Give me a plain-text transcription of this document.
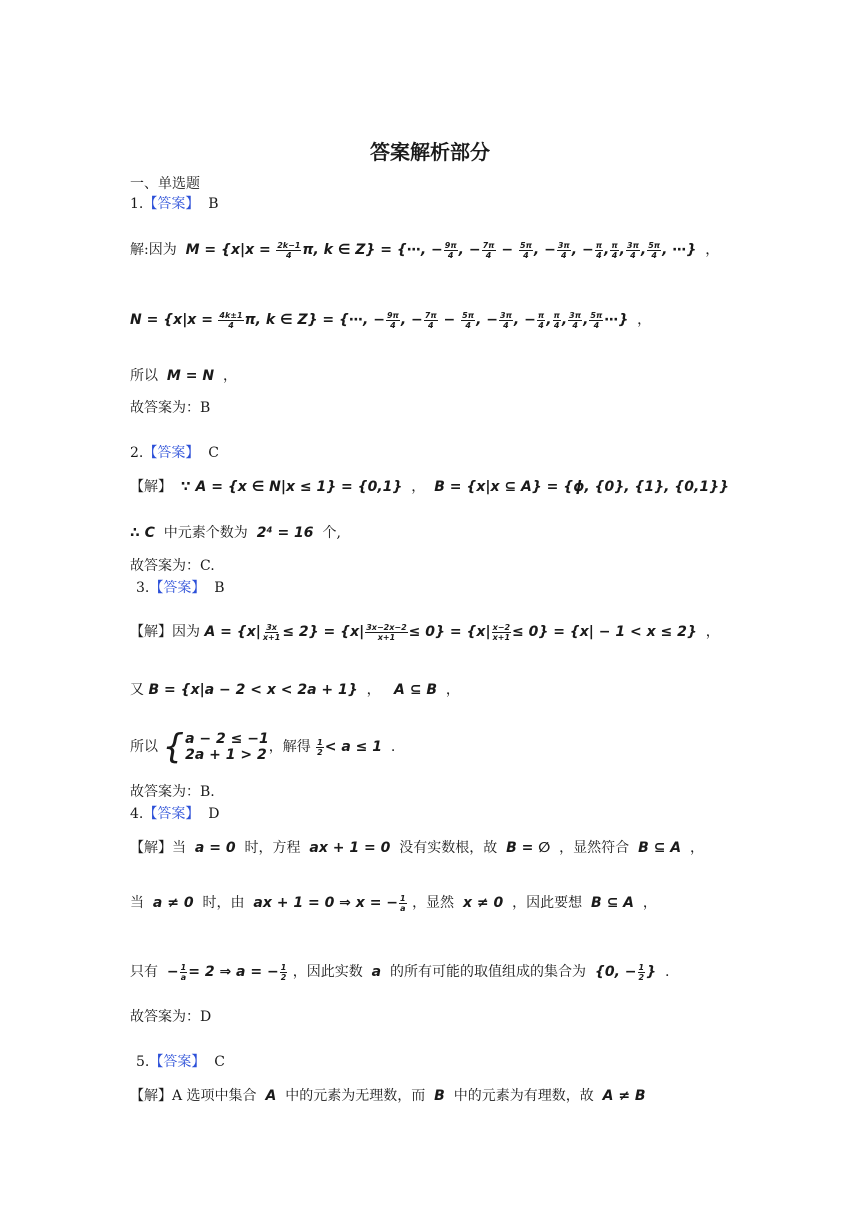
答案解析部分
一、单选题
1.【答案】 B
解:因为 $M = \{x|x = \frac{2k-1}{4} \pi$, k ∈ Z} = {⋯, − $\frac{9\pi}{4}$ , − $\frac{7\pi}{4} - \frac{5\pi}{4}$ , − $\frac{3\pi}{4}$ , − $\frac{\pi}{4}$ , $\frac{\pi}{4}$ , $\frac{3\pi}{4}$ , $\frac{5\pi}{4}$ , ⋯}  ，
$N = \{x|x = \frac{4k\pm 1}{4} \pi$, k ∈ Z} = {⋯, − $\frac{9\pi}{4}$ , − $\frac{7\pi}{4} - \frac{5\pi}{4}$ , − $\frac{3\pi}{4}$ , − $\frac{\pi}{4}$ , $\frac{\pi}{4}$ , $\frac{3\pi}{4}$ , $\frac{5\pi}{4}$ ⋯}  ，
所以 M = N  ，
故答案为：B
2.【答案】 C
【解】 ∵ A = {x ∈ N|x ≤ 1} = {0,1}  ，  B = {x|x ⊆ A} = {ϕ, {0}, {1}, {0,1}}
∴ C 中元素个数为 2⁴ = 16 个,
故答案为：C.
3.【答案】 B
【解】因为 $A = \{x| \frac{3x}{x+1} \le 2\} = \{x| \frac{3x-2x-2}{x+1} \le 0\} = \{x| \frac{x-2}{x+1} \le 0\} = \{x| - 1 < x \le 2\}$  ，
又 B = {x|a − 2 < x < 2a + 1}  ，   A ⊆ B  ，
所以 { a − 2 ≤ −1
2a + 1 > 2 ，解得 $\frac{1}{2} < a \le 1$  .
故答案为：B.
4.【答案】 D
【解】当 a = 0 时，方程 ax + 1 = 0 没有实数根，故 B = ∅ ，显然符合 B ⊆ A  ，
当 a ≠ 0 时，由 ax + 1 = 0 ⇒ x = − $\frac{1}{a}$ ，显然 x ≠ 0 ，因此要想 B ⊆ A  ，
只有 − $\frac{1}{a} = 2$ ⇒ a = − $\frac{1}{2}$ ，因此实数 a 的所有可能的取值组成的集合为 {0, − $\frac{1}{2}$ }  .
故答案为：D
5.【答案】 C
【解】A 选项中集合 A 中的元素为无理数，而 B 中的元素为有理数，故 A ≠ B
